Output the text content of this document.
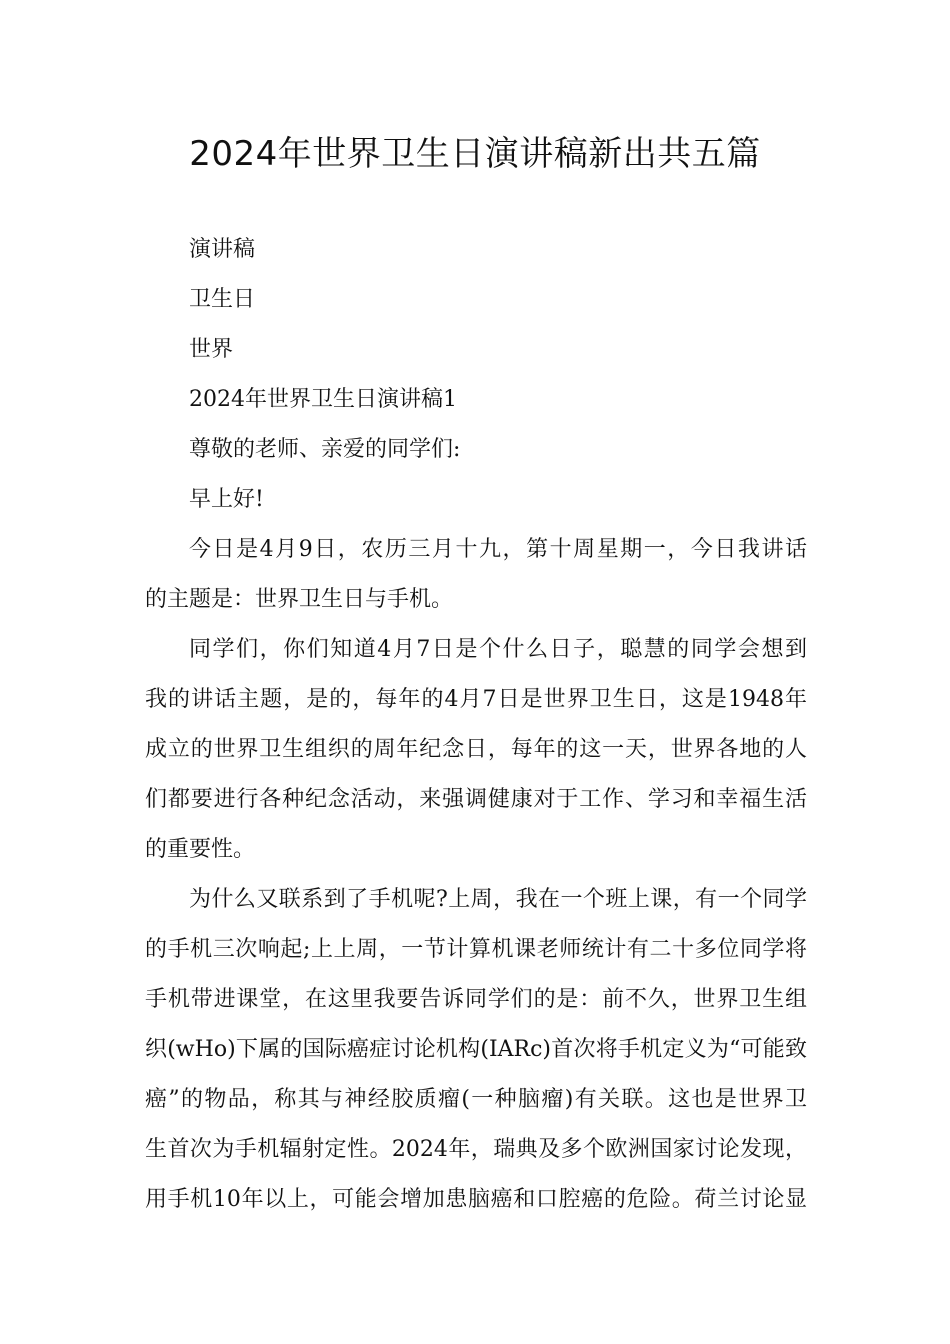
2024年世界卫生日演讲稿新出共五篇

演讲稿

卫生日

世界

2024年世界卫生日演讲稿1

尊敬的老师、亲爱的同学们:

早上好!

今日是4月9日，农历三月十九，第十周星期一，今日我讲话

的主题是：世界卫生日与手机。

同学们，你们知道4月7日是个什么日子，聪慧的同学会想到

我的讲话主题，是的，每年的4月7日是世界卫生日，这是1948年

成立的世界卫生组织的周年纪念日，每年的这一天，世界各地的人

们都要进行各种纪念活动，来强调健康对于工作、学习和幸福生活

的重要性。

为什么又联系到了手机呢?上周，我在一个班上课，有一个同学

的手机三次响起;上上周，一节计算机课老师统计有二十多位同学将

手机带进课堂，在这里我要告诉同学们的是：前不久，世界卫生组

织(wHo)下属的国际癌症讨论机构(IARc)首次将手机定义为“可能致

癌”的物品，称其与神经胶质瘤(一种脑瘤)有关联。这也是世界卫

生首次为手机辐射定性。2024年，瑞典及多个欧洲国家讨论发现，

用手机10年以上，可能会增加患脑癌和口腔癌的危险。荷兰讨论显
